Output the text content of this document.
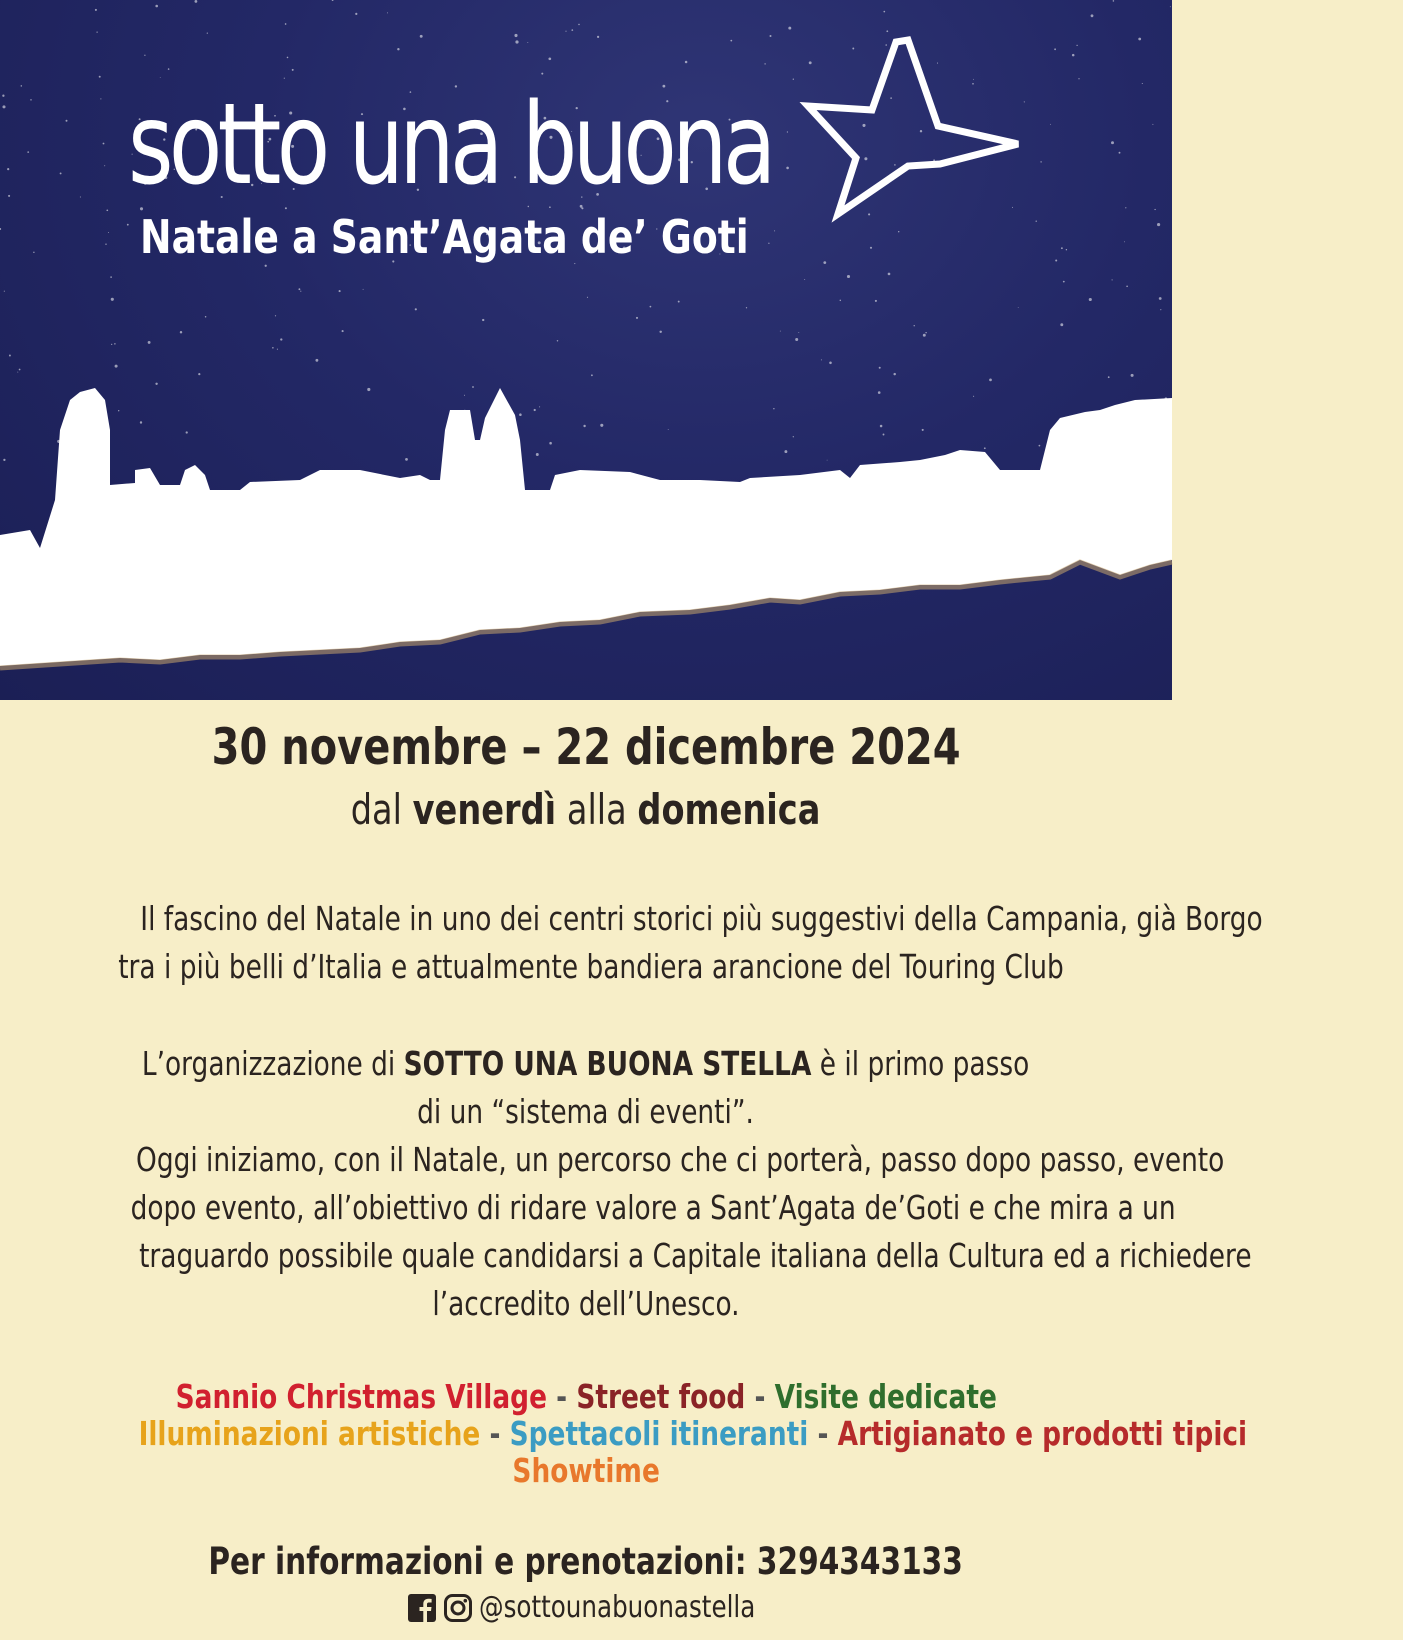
sotto una buona
Natale a Sant’Agata de’ Goti
30 novembre – 22 dicembre 2024
dal venerdì alla domenica
Il fascino del Natale in uno dei centri storici più suggestivi della Campania, già Borgo
tra i più belli d’Italia e attualmente bandiera arancione del Touring Club
L’organizzazione di SOTTO UNA BUONA STELLA è il primo passo
di un “sistema di eventi”.
Oggi iniziamo, con il Natale, un percorso che ci porterà, passo dopo passo, evento
dopo evento, all’obiettivo di ridare valore a Sant’Agata de’Goti e che mira a un
traguardo possibile quale candidarsi a Capitale italiana della Cultura ed a richiedere
l’accredito dell’Unesco.
Sannio Christmas Village - Street food - Visite dedicate
Illuminazioni artistiche - Spettacoli itineranti - Artigianato e prodotti tipici
Showtime
Per informazioni e prenotazioni: 3294343133
@sottounabuonastella
